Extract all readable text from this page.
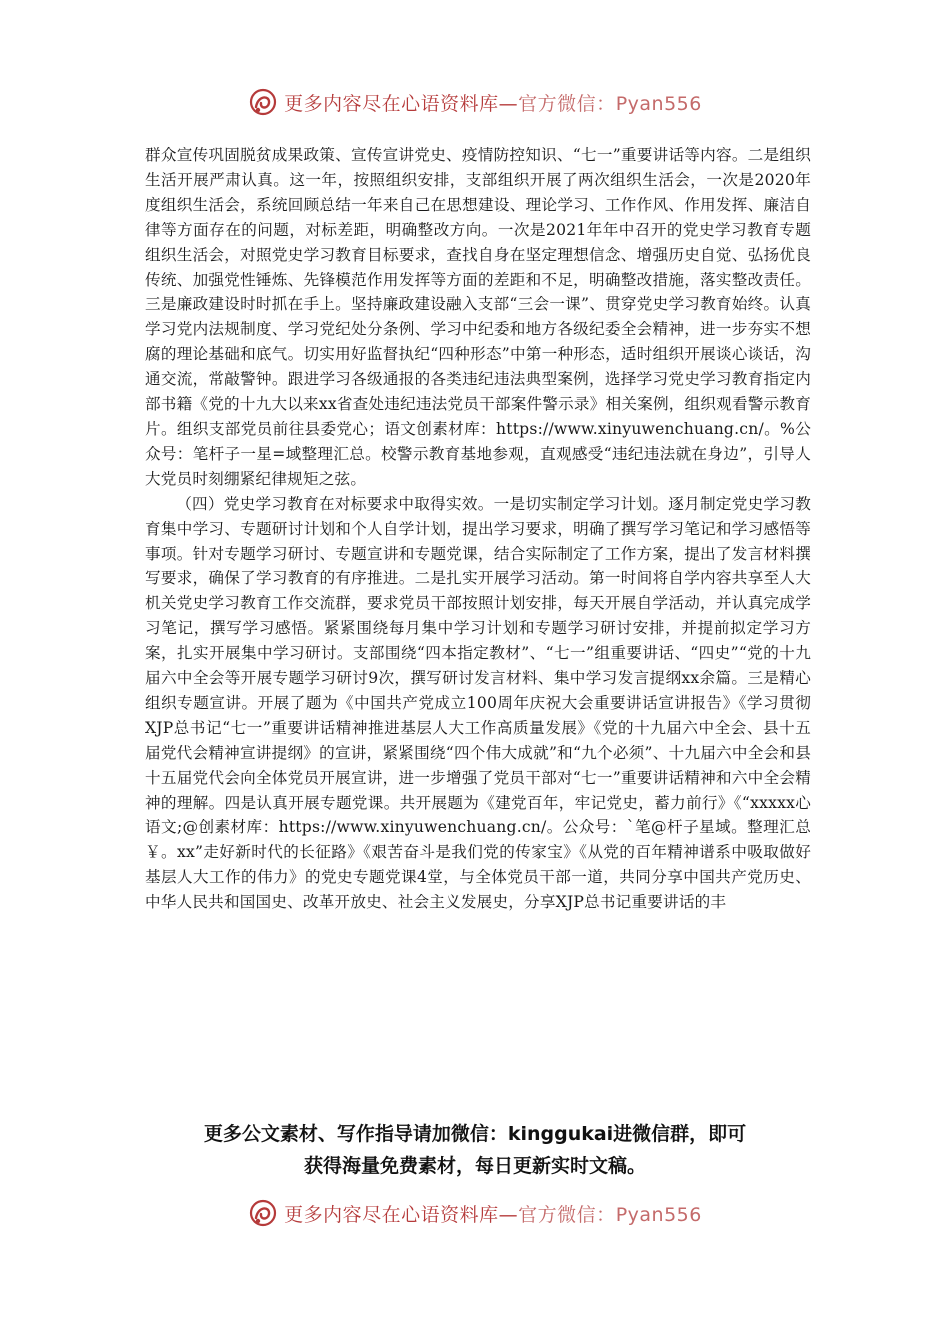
更多内容尽在心语资料库—官方微信：Pyan556

群众宣传巩固脱贫成果政策、宣传宣讲党史、疫情防控知识、“七一”重要讲话等内容。二是组织生活开展严肃认真。这一年，按照组织安排，支部组织开展了两次组织生活会，一次是2020年度组织生活会，系统回顾总结一年来自己在思想建设、理论学习、工作作风、作用发挥、廉洁自律等方面存在的问题，对标差距，明确整改方向。一次是2021年年中召开的党史学习教育专题组织生活会，对照党史学习教育目标要求，查找自身在坚定理想信念、增强历史自觉、弘扬优良传统、加强党性锤炼、先锋模范作用发挥等方面的差距和不足，明确整改措施，落实整改责任。三是廉政建设时时抓在手上。坚持廉政建设融入支部“三会一课”、贯穿党史学习教育始终。认真学习党内法规制度、学习党纪处分条例、学习中纪委和地方各级纪委全会精神，进一步夯实不想腐的理论基础和底气。切实用好监督执纪“四种形态”中第一种形态，适时组织开展谈心谈话，沟通交流，常敲警钟。跟进学习各级通报的各类违纪违法典型案例，选择学习党史学习教育指定内部书籍《党的十九大以来xx省查处违纪违法党员干部案件警示录》相关案例，组织观看警示教育片。组织支部党员前往县委党心；语文创素材库：https://www.xinyuwenchuang.cn/。%公众号：笔杆子一星=域整理汇总。校警示教育基地参观，直观感受“违纪违法就在身边”，引导人大党员时刻绷紧纪律规矩之弦。

（四）党史学习教育在对标要求中取得实效。一是切实制定学习计划。逐月制定党史学习教育集中学习、专题研讨计划和个人自学计划，提出学习要求，明确了撰写学习笔记和学习感悟等事项。针对专题学习研讨、专题宣讲和专题党课，结合实际制定了工作方案，提出了发言材料撰写要求，确保了学习教育的有序推进。二是扎实开展学习活动。第一时间将自学内容共享至人大机关党史学习教育工作交流群，要求党员干部按照计划安排，每天开展自学活动，并认真完成学习笔记，撰写学习感悟。紧紧围绕每月集中学习计划和专题学习研讨安排，并提前拟定学习方案，扎实开展集中学习研讨。支部围绕“四本指定教材”、“七一”组重要讲话、“四史”“党的十九届六中全会等开展专题学习研讨9次，撰写研讨发言材料、集中学习发言提纲xx余篇。三是精心组织专题宣讲。开展了题为《中国共产党成立100周年庆祝大会重要讲话宣讲报告》《学习贯彻XJP总书记“七一”重要讲话精神推进基层人大工作高质量发展》《党的十九届六中全会、县十五届党代会精神宣讲提纲》的宣讲，紧紧围绕“四个伟大成就”和“九个必须”、十九届六中全会和县十五届党代会向全体党员开展宣讲，进一步增强了党员干部对“七一”重要讲话精神和六中全会精神的理解。四是认真开展专题党课。共开展题为《建党百年，牢记党史，蓄力前行》《“xxxxx心语文;@创素材库：https://www.xinyuwenchuang.cn/。公众号：`笔@杆子星域。整理汇总￥。xx”走好新时代的长征路》《艰苦奋斗是我们党的传家宝》《从党的百年精神谱系中吸取做好基层人大工作的伟力》的党史专题党课4堂，与全体党员干部一道，共同分享中国共产党历史、中华人民共和国国史、改革开放史、社会主义发展史，分享XJP总书记重要讲话的丰

更多公文素材、写作指导请加微信：kinggukai进微信群，即可
获得海量免费素材，每日更新实时文稿。
更多内容尽在心语资料库—官方微信：Pyan556
